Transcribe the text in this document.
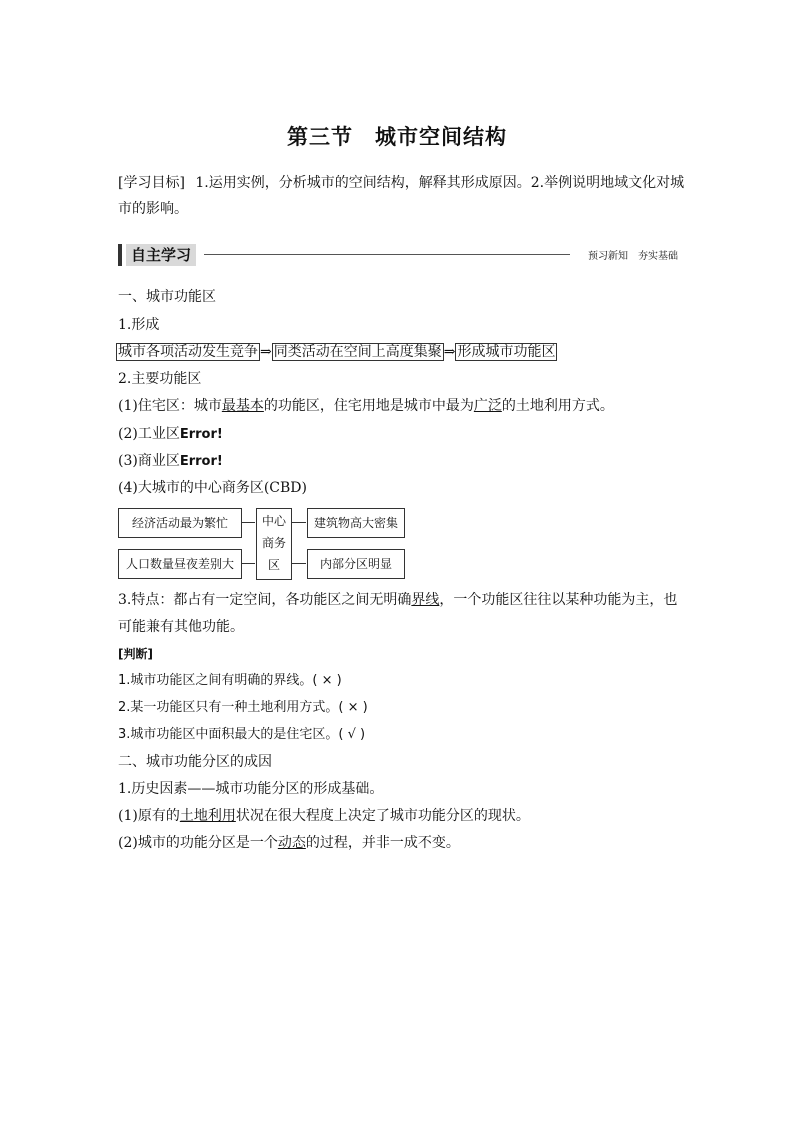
第三节　城市空间结构
[学习目标] 1.运用实例，分析城市的空间结构，解释其形成原因。2.举例说明地域文化对城
市的影响。
自主学习	预习新知　夯实基础
一、城市功能区
1.形成
城市各项活动发生竞争 ⇒ 同类活动在空间上高度集聚 ⇒ 形成城市功能区
2.主要功能区
(1)住宅区：城市最基本的功能区，住宅用地是城市中最为广泛的土地利用方式。
(2)工业区Error!
(3)商业区Error!
(4)大城市的中心商务区(CBD)
经济活动最为繁忙
人口数量昼夜差别大
中心
商务
区
建筑物高大密集
内部分区明显
3.特点：都占有一定空间，各功能区之间无明确界线，一个功能区往往以某种功能为主，也
可能兼有其他功能。
[判断]
1.城市功能区之间有明确的界线。( × )
2.某一功能区只有一种土地利用方式。( × )
3.城市功能区中面积最大的是住宅区。( √ )
二、城市功能分区的成因
1.历史因素——城市功能分区的形成基础。
(1)原有的土地利用状况在很大程度上决定了城市功能分区的现状。
(2)城市的功能分区是一个动态的过程，并非一成不变。
